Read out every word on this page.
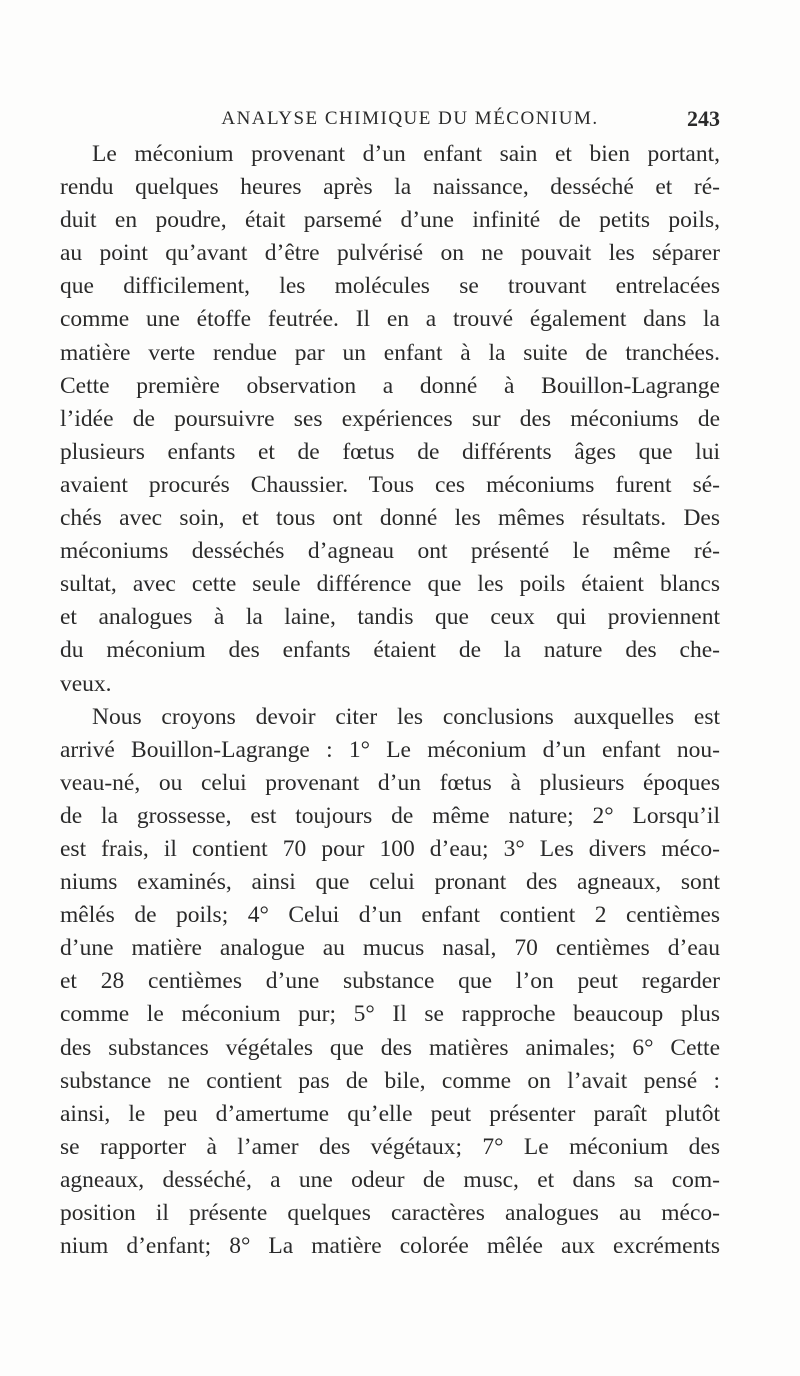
ANALYSE CHIMIQUE DU MÉCONIUM.	243
Le méconium provenant d’un enfant sain et bien portant,
rendu quelques heures après la naissance, desséché et ré-
duit en poudre, était parsemé d’une infinité de petits poils,
au point qu’avant d’être pulvérisé on ne pouvait les séparer
que difficilement, les molécules se trouvant entrelacées
comme une étoffe feutrée. Il en a trouvé également dans la
matière verte rendue par un enfant à la suite de tranchées.
Cette première observation a donné à Bouillon-Lagrange
l’idée de poursuivre ses expériences sur des méconiums de
plusieurs enfants et de fœtus de différents âges que lui
avaient procurés Chaussier. Tous ces méconiums furent sé-
chés avec soin, et tous ont donné les mêmes résultats. Des
méconiums desséchés d’agneau ont présenté le même ré-
sultat, avec cette seule différence que les poils étaient blancs
et analogues à la laine, tandis que ceux qui proviennent
du méconium des enfants étaient de la nature des che-
veux.
Nous croyons devoir citer les conclusions auxquelles est
arrivé Bouillon-Lagrange : 1° Le méconium d’un enfant nou-
veau-né, ou celui provenant d’un fœtus à plusieurs époques
de la grossesse, est toujours de même nature; 2° Lorsqu’il
est frais, il contient 70 pour 100 d’eau; 3° Les divers méco-
niums examinés, ainsi que celui pronant des agneaux, sont
mêlés de poils; 4° Celui d’un enfant contient 2 centièmes
d’une matière analogue au mucus nasal, 70 centièmes d’eau
et 28 centièmes d’une substance que l’on peut regarder
comme le méconium pur; 5° Il se rapproche beaucoup plus
des substances végétales que des matières animales; 6° Cette
substance ne contient pas de bile, comme on l’avait pensé :
ainsi, le peu d’amertume qu’elle peut présenter paraît plutôt
se rapporter à l’amer des végétaux; 7° Le méconium des
agneaux, desséché, a une odeur de musc, et dans sa com-
position il présente quelques caractères analogues au méco-
nium d’enfant; 8° La matière colorée mêlée aux excréments
